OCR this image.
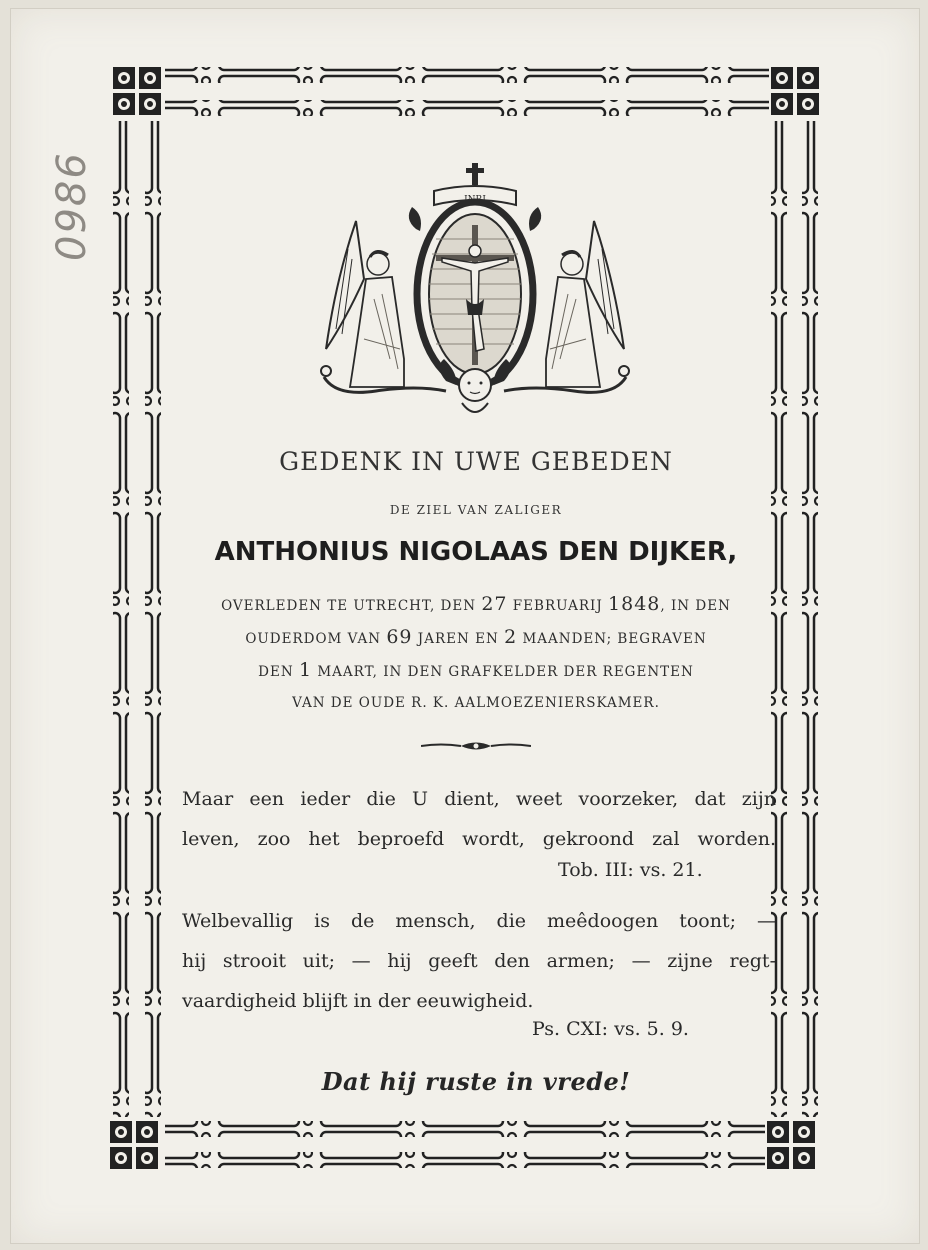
0986	INRI
GEDENK IN UWE GEBEDEN
DE ZIEL VAN ZALIGER
ANTHONIUS NIGOLAAS DEN DIJKER,
OVERLEDEN TE UTRECHT, DEN 27 FEBRUARIJ 1848, IN DEN
OUDERDOM VAN 69 JAREN EN 2 MAANDEN; BEGRAVEN
DEN 1 MAART, IN DEN GRAFKELDER DER REGENTEN
VAN DE OUDE R. K. AALMOEZENIERSKAMER.
Maar een ieder die U dient, weet voorzeker, dat zijn
leven, zoo het beproefd wordt, gekroond zal worden.
Tob. III: vs. 21.
Welbevallig is de mensch, die meêdoogen toont; —
hij strooit uit; — hij geeft den armen; — zijne regt-
vaardigheid blijft in der eeuwigheid.
Ps. CXI: vs. 5. 9.
Dat hij ruste in vrede!
